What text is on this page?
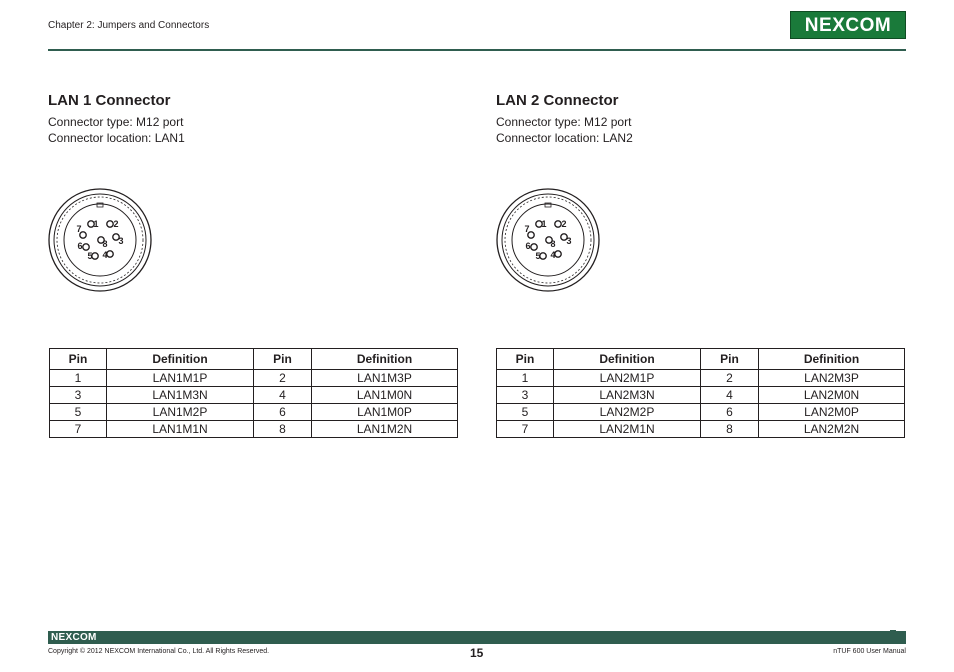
Chapter 2: Jumpers and Connectors	NEXCOM
LAN 1 Connector
Connector type: M12 port
Connector location: LAN1
LAN 2 Connector
Connector type: M12 port
Connector location: LAN2
1 2
3
4
5
6
7
8
1 2
3
4
5
6
7
8
Pin	Definition	Pin	Definition
1	LAN1M1P	2	LAN1M3P
3	LAN1M3N	4	LAN1M0N
5	LAN1M2P	6	LAN1M0P
7	LAN1M1N	8	LAN1M2N
Pin	Definition	Pin	Definition
1	LAN2M1P	2	LAN2M3P
3	LAN2M3N	4	LAN2M0N
5	LAN2M2P	6	LAN2M0P
7	LAN2M1N	8	LAN2M2N
NEXCOM
Copyright © 2012 NEXCOM International Co., Ltd. All Rights Reserved.	15	nTUF 600 User Manual
